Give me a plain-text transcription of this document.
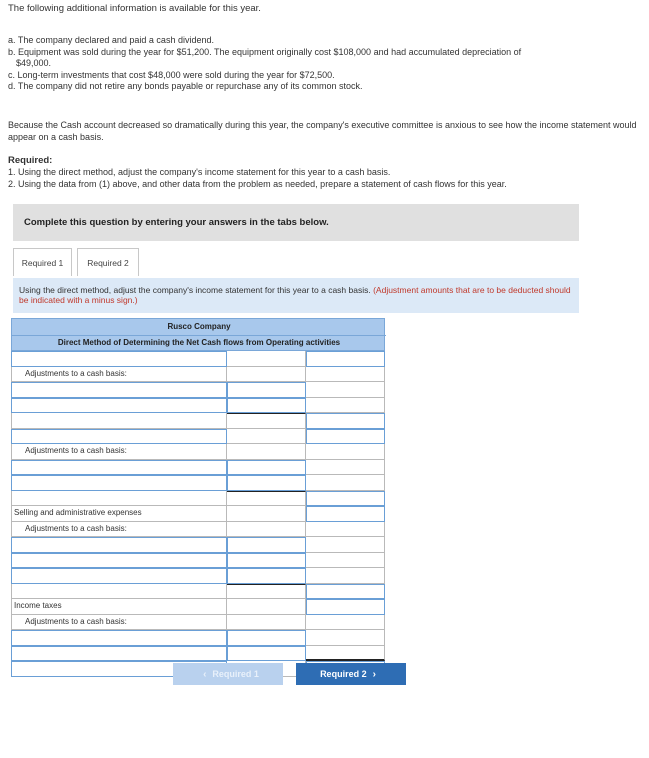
The following additional information is available for this year.
a. The company declared and paid a cash dividend.
b. Equipment was sold during the year for $51,200. The equipment originally cost $108,000 and had accumulated depreciation of
$49,000.
c. Long-term investments that cost $48,000 were sold during the year for $72,500.
d. The company did not retire any bonds payable or repurchase any of its common stock.
Because the Cash account decreased so dramatically during this year, the company's executive committee is anxious to see how the income statement would appear on a cash basis.
Required:
1. Using the direct method, adjust the company's income statement for this year to a cash basis.
2. Using the data from (1) above, and other data from the problem as needed, prepare a statement of cash flows for this year.
Complete this question by entering your answers in the tabs below.
Required 1	Required 2
Using the direct method, adjust the company's income statement for this year to a cash basis. (Adjustment amounts that are to be deducted should be indicated with a minus sign.)
Rusco Company
Direct Method of Determining the Net Cash flows from Operating activities
Adjustments to a cash basis:
Adjustments to a cash basis:
Selling and administrative expenses
Adjustments to a cash basis:
Income taxes
Adjustments to a cash basis:
‹ Required 1	Required 2 ›
